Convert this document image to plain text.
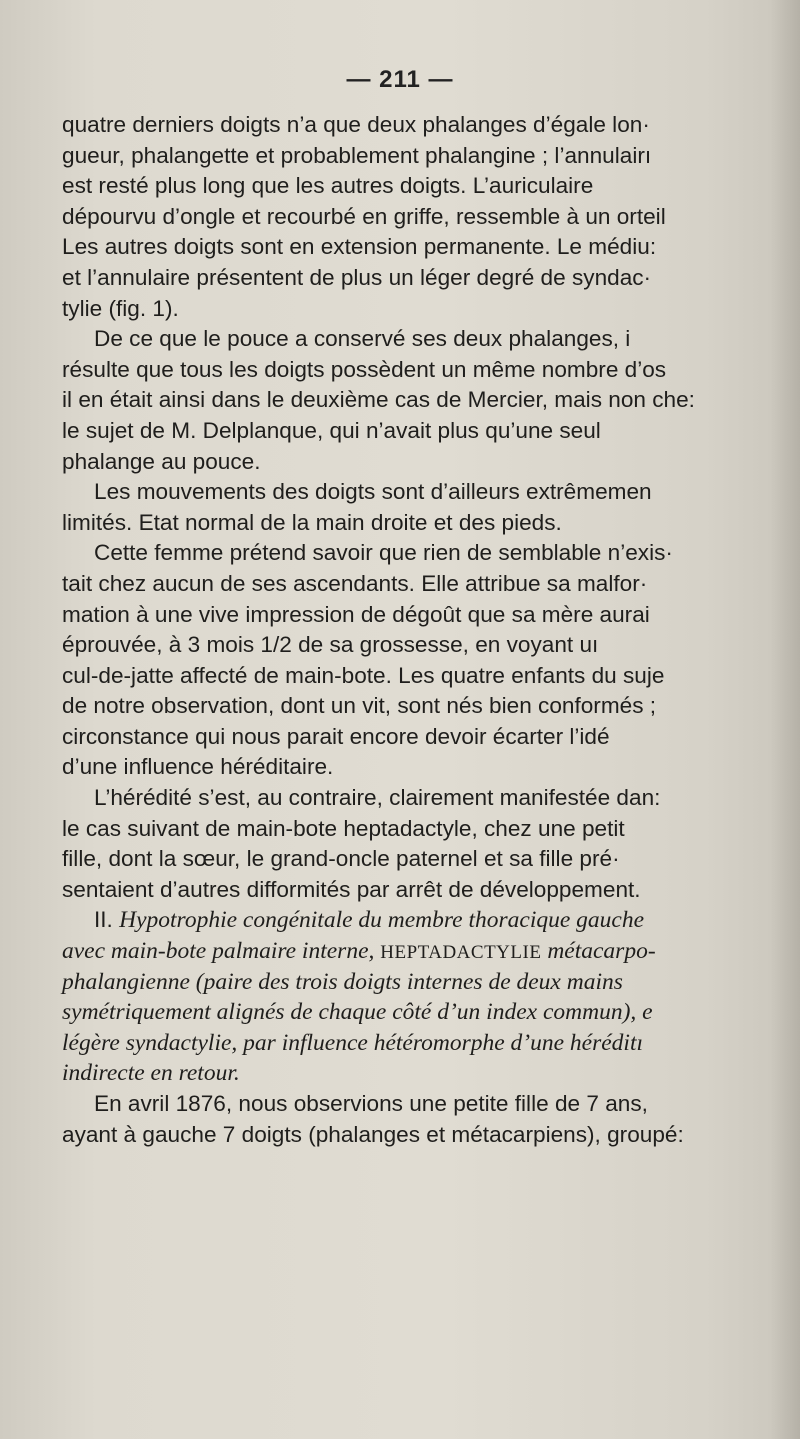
— 211 —
quatre derniers doigts n’a que deux phalanges d’égale lon·
gueur, phalangette et probablement phalangine ; l’annulairı
est resté plus long que les autres doigts. L’auriculaire
dépourvu d’ongle et recourbé en griffe, ressemble à un orteil
Les autres doigts sont en extension permanente. Le médiu:
et l’annulaire présentent de plus un léger degré de syndac·
tylie (fig. 1).
De ce que le pouce a conservé ses deux phalanges, i
résulte que tous les doigts possèdent un même nombre d’os
il en était ainsi dans le deuxième cas de Mercier, mais non che:
le sujet de M. Delplanque, qui n’avait plus qu’une seul
phalange au pouce.
Les mouvements des doigts sont d’ailleurs extrêmemen
limités. Etat normal de la main droite et des pieds.
Cette femme prétend savoir que rien de semblable n’exis·
tait chez aucun de ses ascendants. Elle attribue sa malfor·
mation à une vive impression de dégoût que sa mère aurai
éprouvée, à 3 mois 1/2 de sa grossesse, en voyant uı
cul-de-jatte affecté de main-bote. Les quatre enfants du suje
de notre observation, dont un vit, sont nés bien conformés ;
circonstance qui nous parait encore devoir écarter l’idé
d’une influence héréditaire.
L’hérédité s’est, au contraire, clairement manifestée dan:
le cas suivant de main-bote heptadactyle, chez une petit
fille, dont la sœur, le grand-oncle paternel et sa fille pré·
sentaient d’autres difformités par arrêt de développement.
II. Hypotrophie congénitale du membre thoracique gauche
avec main-bote palmaire interne, HEPTADACTYLIE métacarpo-
phalangienne (paire des trois doigts internes de deux mains
symétriquement alignés de chaque côté d’un index commun), e
légère syndactylie, par influence hétéromorphe d’une héréditı
indirecte en retour.
En avril 1876, nous observions une petite fille de 7 ans,
ayant à gauche 7 doigts (phalanges et métacarpiens), groupé:
